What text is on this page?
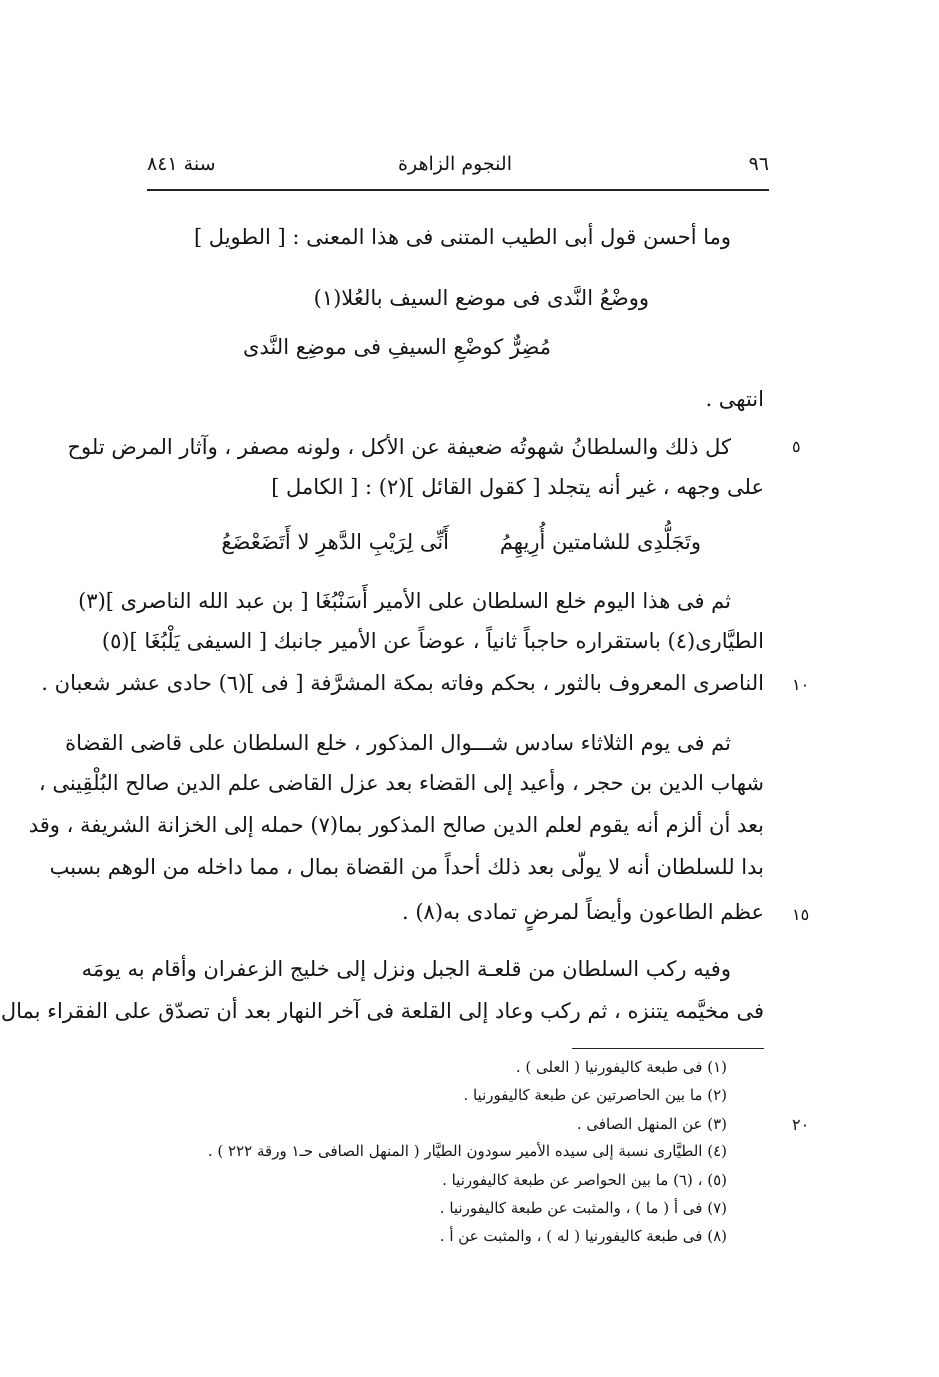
٩٦
النجوم الزاهرة
سنة ٨٤١
٥
١٠
١٥
٢٠
وما أحسن قول أبى الطيب المتنى فى هذا المعنى : [ الطويل ]
ووضْعُ النَّدى فى موضع السيف بالعُلا(١)
مُضِرٌّ كوضْعِ السيفِ فى موضِع النَّدى
انتهى .
كل ذلك والسلطانُ شهوتُه ضعيفة عن الأكل ، ولونه مصفر ، وآثار المرض تلوح
على وجهه ، غير أنه يتجلد [ كقول القائل ](٢) : [ الكامل ]
وتَجَلُّدِى للشامتين أُرِيهِمُ
أَنِّى لِرَيْبِ الدَّهرِ لا أَتَضَعْضَعُ
ثم فى هذا اليوم خلع السلطان على الأمير أَسَنْبُغَا [ بن عبد الله الناصرى ](٣)
الطيَّارى(٤) باستقراره حاجباً ثانياً ، عوضاً عن الأمير جانبك [ السيفى يَلْبُغَا ](٥)
الناصرى المعروف بالثور ، بحكم وفاته بمكة المشرَّفة [ فى ](٦) حادى عشر شعبان .
ثم فى يوم الثلاثاء سادس شـــوال المذكور ، خلع السلطان على قاضى القضاة
شهاب الدين بن حجر ، وأعيد إلى القضاء بعد عزل القاضى علم الدين صالح البُلْقِينى ،
بعد أن ألزم أنه يقوم لعلم الدين صالح المذكور بما(٧) حمله إلى الخزانة الشريفة ، وقد
بدا للسلطان أنه لا يولّى بعد ذلك أحداً من القضاة بمال ، مما داخله من الوهم بسبب
عظم الطاعون وأيضاً لمرضٍ تمادى به(٨) .
وفيه ركب السلطان من قلعـة الجبل ونزل إلى خليج الزعفران وأقام به يومَه
فى مخيَّمه يتنزه ، ثم ركب وعاد إلى القلعة فى آخر النهار بعد أن تصدّق على الفقراء بمال
(١) فى طبعة كاليفورنيا ( العلى ) .
(٢) ما بين الحاصرتين عن طبعة كاليفورنيا .
(٣) عن المنهل الصافى .
(٤) الطيَّارى نسبة إلى سيده الأمير سودون الطيَّار ( المنهل الصافى حـ١ ورقة ٢٢٢ ) .
(٥) ، (٦) ما بين الحواصر عن طبعة كاليفورنيا .
(٧) فى أ ( ما ) ، والمثبت عن طبعة كاليفورنيا .
(٨) فى طبعة كاليفورنيا ( له ) ، والمثبت عن أ .
